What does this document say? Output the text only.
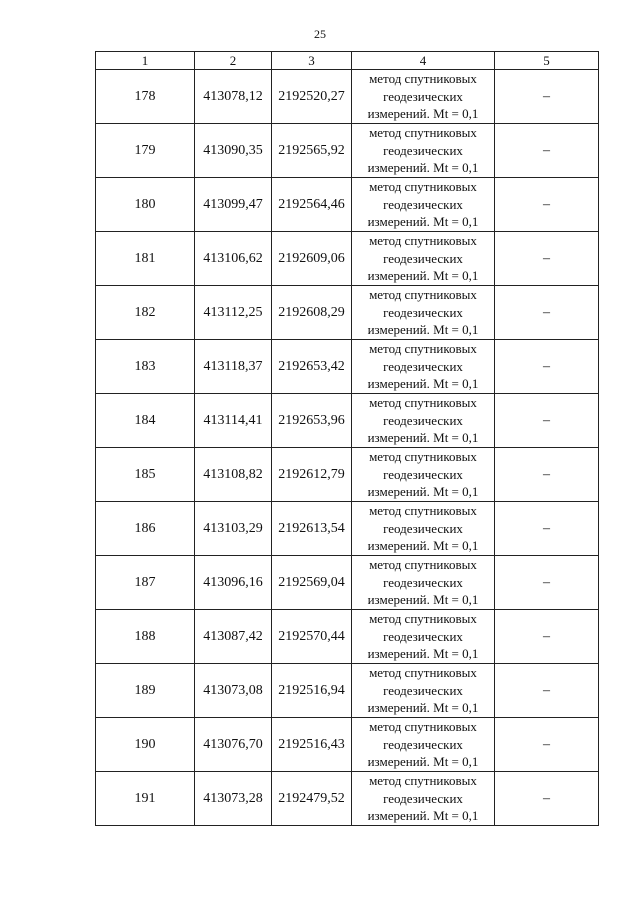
25
1	2	3	4	5
178	413078,12	2192520,27	метод спутниковых
геодезических
измерений. Mt = 0,1	–
179	413090,35	2192565,92	метод спутниковых
геодезических
измерений. Mt = 0,1	–
180	413099,47	2192564,46	метод спутниковых
геодезических
измерений. Mt = 0,1	–
181	413106,62	2192609,06	метод спутниковых
геодезических
измерений. Mt = 0,1	–
182	413112,25	2192608,29	метод спутниковых
геодезических
измерений. Mt = 0,1	–
183	413118,37	2192653,42	метод спутниковых
геодезических
измерений. Mt = 0,1	–
184	413114,41	2192653,96	метод спутниковых
геодезических
измерений. Mt = 0,1	–
185	413108,82	2192612,79	метод спутниковых
геодезических
измерений. Mt = 0,1	–
186	413103,29	2192613,54	метод спутниковых
геодезических
измерений. Mt = 0,1	–
187	413096,16	2192569,04	метод спутниковых
геодезических
измерений. Mt = 0,1	–
188	413087,42	2192570,44	метод спутниковых
геодезических
измерений. Mt = 0,1	–
189	413073,08	2192516,94	метод спутниковых
геодезических
измерений. Mt = 0,1	–
190	413076,70	2192516,43	метод спутниковых
геодезических
измерений. Mt = 0,1	–
191	413073,28	2192479,52	метод спутниковых
геодезических
измерений. Mt = 0,1	–
